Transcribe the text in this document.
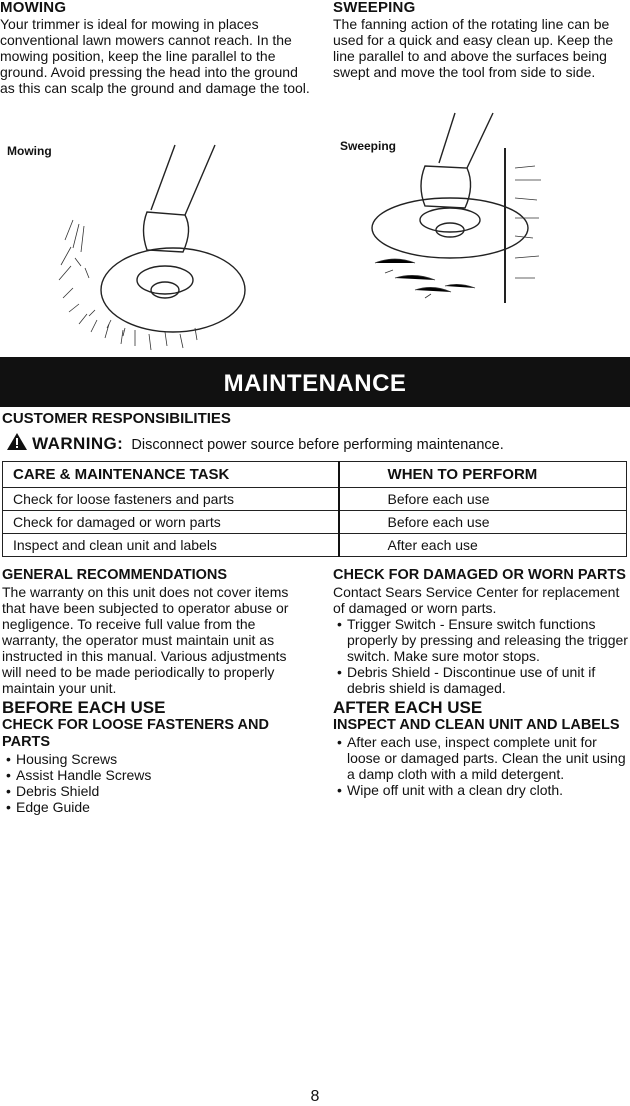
MOWING

Your trimmer is ideal for mowing in places conventional lawn mowers cannot reach. In the mowing position, keep the line parallel to the ground. Avoid pressing the head into the ground as this can scalp the ground and damage the tool.

Mowing
SWEEPING

The fanning action of the rotating line can be used for a quick and easy clean up. Keep the line parallel to and above the surfaces being swept and move the tool from side to side.

Sweeping
MAINTENANCE
CUSTOMER RESPONSIBILITIES
WARNING: Disconnect power source before performing maintenance.
CARE & MAINTENANCE TASK	WHEN TO PERFORM
Check for loose fasteners and parts	Before each use
Check for damaged or worn parts	Before each use
Inspect and clean unit and labels	After each use
GENERAL RECOMMENDATIONS

The warranty on this unit does not cover items that have been subjected to operator abuse or negligence. To receive full value from the warranty, the operator must maintain unit as instructed in this manual. Various adjustments will need to be made periodically to properly maintain your unit.

BEFORE EACH USE
CHECK FOR LOOSE FASTENERS AND PARTS
• Housing Screws
• Assist Handle Screws
• Debris Shield
• Edge Guide
CHECK FOR DAMAGED OR WORN PARTS

Contact Sears Service Center for replacement of damaged or worn parts.

• Trigger Switch - Ensure switch functions properly by pressing and releasing the trigger switch. Make sure motor stops.
• Debris Shield - Discontinue use of unit if debris shield is damaged.
AFTER EACH USE
INSPECT AND CLEAN UNIT AND LABELS
• After each use, inspect complete unit for loose or damaged parts. Clean the unit using a damp cloth with a mild detergent.
• Wipe off unit with a clean dry cloth.
8
